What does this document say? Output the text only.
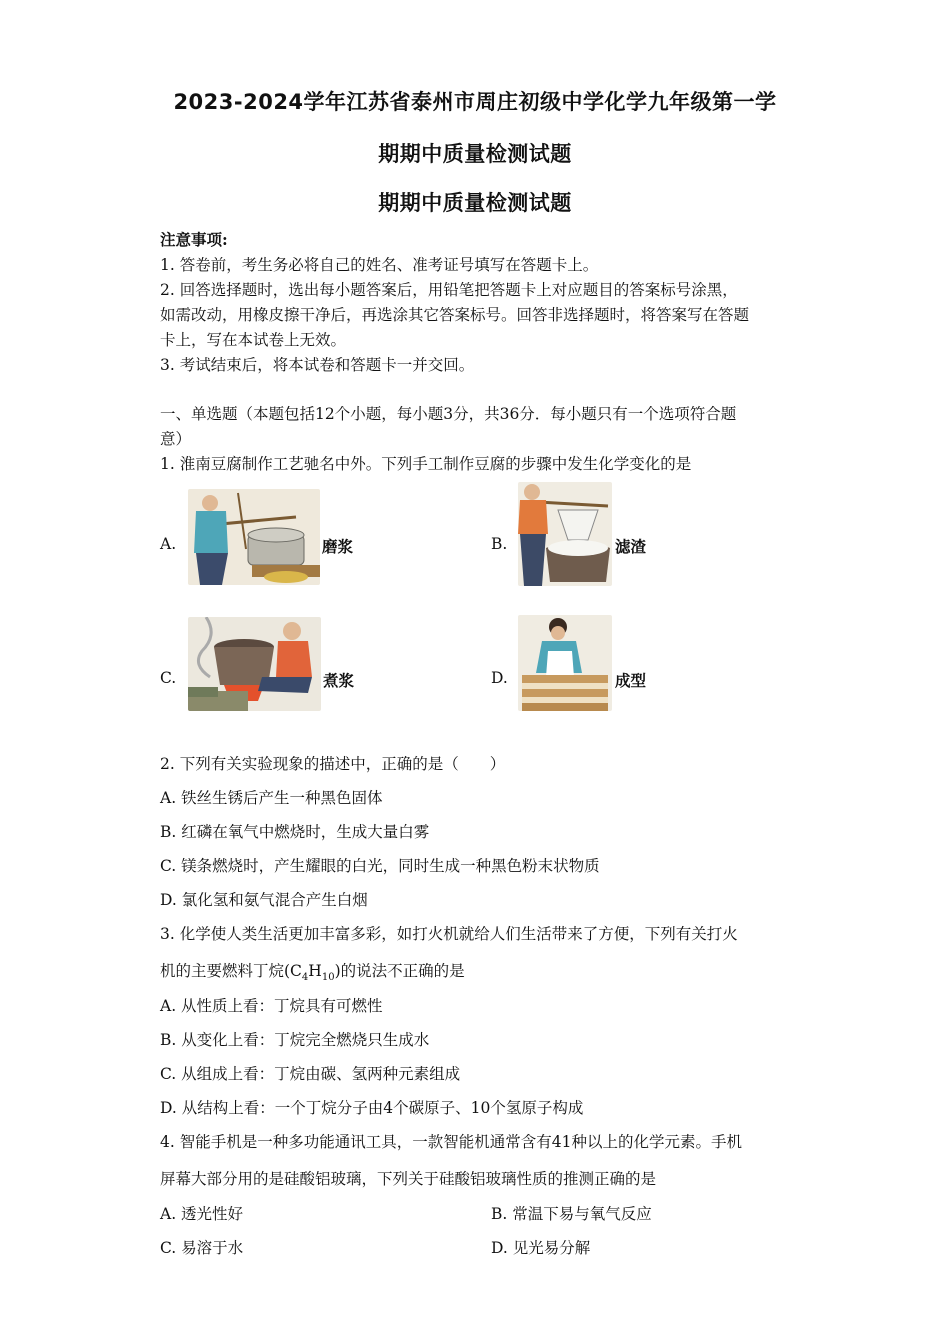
2023-2024学年江苏省泰州市周庄初级中学化学九年级第一学
期期中质量检测试题
期期中质量检测试题
注意事项:
1. 答卷前，考生务必将自己的姓名、准考证号填写在答题卡上。
2. 回答选择题时，选出每小题答案后，用铅笔把答题卡上对应题目的答案标号涂黑，
如需改动，用橡皮擦干净后，再选涂其它答案标号。回答非选择题时，将答案写在答题
卡上，写在本试卷上无效。
3. 考试结束后，将本试卷和答题卡一并交回。
一、单选题（本题包括12个小题，每小题3分，共36分．每小题只有一个选项符合题
意）
1. 淮南豆腐制作工艺驰名中外。下列手工制作豆腐的步骤中发生化学变化的是
A.	磨浆	B.	滤渣
C.	煮浆	D.	成型
2. 下列有关实验现象的描述中，正确的是（　　）
A. 铁丝生锈后产生一种黑色固体
B. 红磷在氧气中燃烧时，生成大量白雾
C. 镁条燃烧时，产生耀眼的白光，同时生成一种黑色粉末状物质
D. 氯化氢和氨气混合产生白烟
3. 化学使人类生活更加丰富多彩，如打火机就给人们生活带来了方便，下列有关打火
机的主要燃料丁烷$(C_4H_{10})$的说法不正确的是
A. 从性质上看：丁烷具有可燃性
B. 从变化上看：丁烷完全燃烧只生成水
C. 从组成上看：丁烷由碳、氢两种元素组成
D. 从结构上看：一个丁烷分子由4个碳原子、10个氢原子构成
4. 智能手机是一种多功能通讯工具，一款智能机通常含有41种以上的化学元素。手机
屏幕大部分用的是硅酸铝玻璃，下列关于硅酸铝玻璃性质的推测正确的是
A. 透光性好	B. 常温下易与氧气反应
C. 易溶于水	D. 见光易分解
